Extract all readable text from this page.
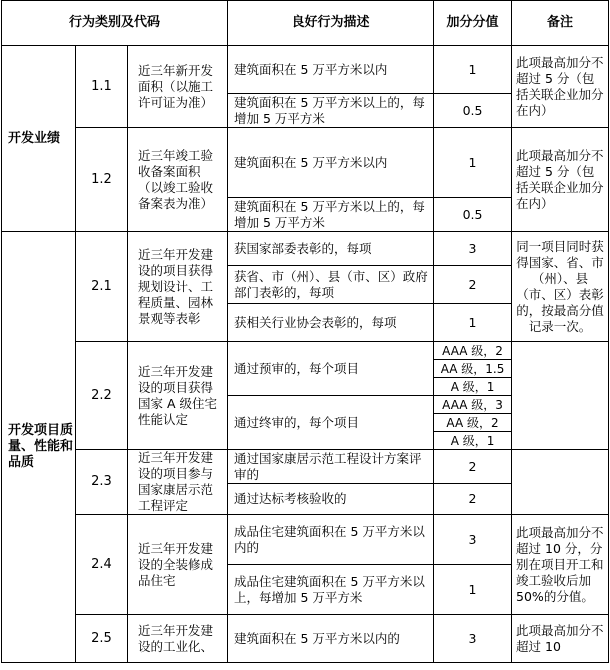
行为类别及代码			良好行为描述	加分分值	备注
开发业绩	1.1	近三年新开发面积（以施工许可证为准）	建筑面积在 5 万平方米以内	1	此项最高加分不超过 5 分（包括关联企业加分在内）
			建筑面积在 5 万平方米以上的，每增加 5 万平方米	0.5	
	1.2	近三年竣工验收备案面积（以竣工验收备案表为准）	建筑面积在 5 万平方米以内	1	此项最高加分不超过 5 分（包括关联企业加分在内）
			建筑面积在 5 万平方米以上的，每增加 5 万平方米	0.5	
开发项目质量、性能和品质	2.1	近三年开发建设的项目获得规划设计、工程质量、园林景观等表彰	获国家部委表彰的，每项	3	同一项目同时获得国家、省、市（州）、县（市、区）表彰的，按最高分值记录一次。
			获省、市（州）、县（市、区）政府部门表彰的，每项	2	
			获相关行业协会表彰的，每项	1	
	2.2	近三年开发建设的项目获得国家 A 级住宅性能认定	通过预审的，每个项目	AAA 级，2	
				AA 级，1.5	
				A 级，1	
			通过终审的，每个项目	AAA 级，3	
				AA 级，2	
				A 级，1	
	2.3	近三年开发建设的项目参与国家康居示范工程评定	通过国家康居示范工程设计方案评审的	2	
			通过达标考核验收的	2	
	2.4	近三年开发建设的全装修成品住宅	成品住宅建筑面积在 5 万平方米以内的	3	此项最高加分不超过 10 分，分别在项目开工和竣工验收后加 50%的分值。
			成品住宅建筑面积在 5 万平方米以上，每增加 5 万平方米	1	
	2.5	近三年开发建设的工业化、	建筑面积在 5 万平方米以内的	3	此项最高加分不超过 10
